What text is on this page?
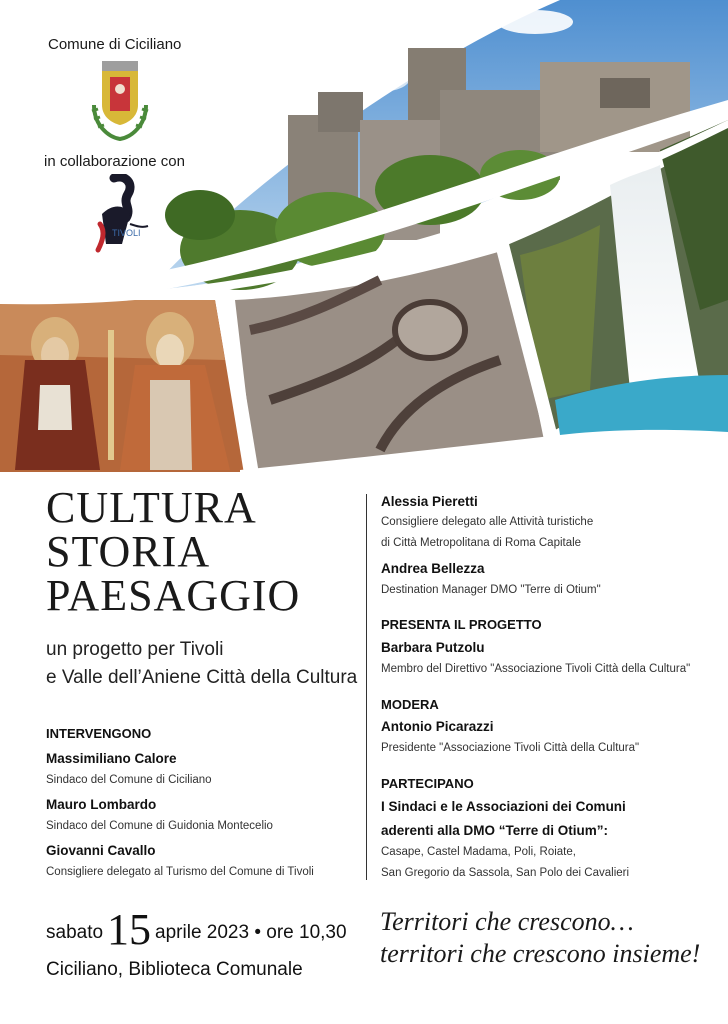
Comune di Ciciliano
in collaborazione con
TIVOLI
CULTURA
STORIA
PAESAGGIO
un progetto per Tivoli
e Valle dell’Aniene Città della Cultura
INTERVENGONO
Massimiliano Calore
Sindaco del Comune di Ciciliano
Mauro Lombardo
Sindaco del Comune di Guidonia Montecelio
Giovanni Cavallo
Consigliere delegato al Turismo del Comune di Tivoli
Alessia Pieretti
Consigliere delegato alle Attività turistiche
di Città Metropolitana di Roma Capitale
Andrea Bellezza
Destination Manager DMO "Terre di Otium"
PRESENTA IL PROGETTO
Barbara Putzolu
Membro del Direttivo "Associazione Tivoli Città della Cultura"
MODERA
Antonio Picarazzi
Presidente "Associazione Tivoli Città della Cultura"
PARTECIPANO
I Sindaci e le Associazioni dei Comuni
aderenti alla DMO “Terre di Otium”:
Casape, Castel Madama, Poli, Roiate,
San Gregorio da Sassola, San Polo dei Cavalieri
sabato15 aprile 2023 • ore 10,30
Ciciliano, Biblioteca Comunale
Territori che crescono…
territori che crescono insieme!
